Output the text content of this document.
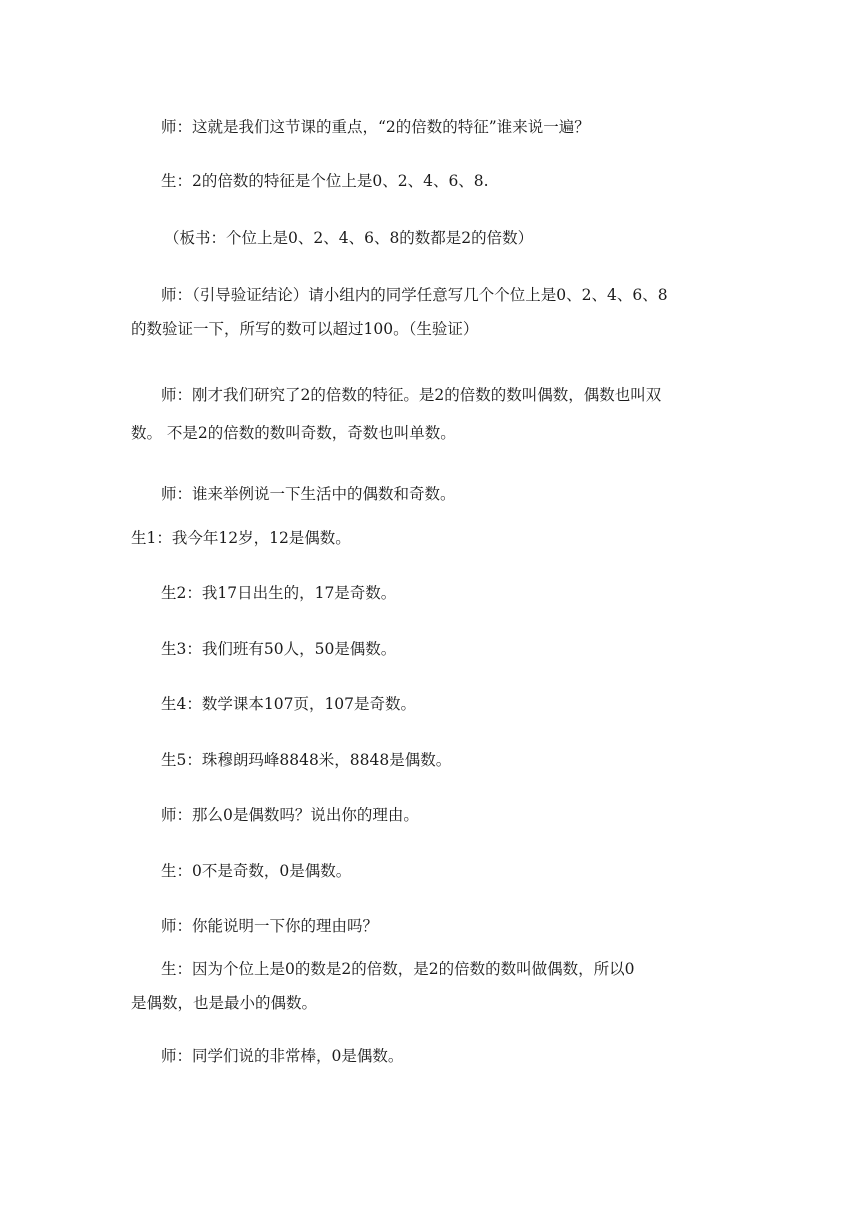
师：这就是我们这节课的重点，“2的倍数的特征”谁来说一遍？

生：2的倍数的特征是个位上是0、2、4、6、8.

（板书：个位上是0、2、4、6、8的数都是2的倍数）

师：（引导验证结论）请小组内的同学任意写几个个位上是0、2、4、6、8
的数验证一下，所写的数可以超过100。（生验证）

师：刚才我们研究了2的倍数的特征。是2的倍数的数叫偶数，偶数也叫双
数。 不是2的倍数的数叫奇数，奇数也叫单数。

师：谁来举例说一下生活中的偶数和奇数。

生1：我今年12岁，12是偶数。

生2：我17日出生的，17是奇数。

生3：我们班有50人，50是偶数。

生4：数学课本107页，107是奇数。

生5：珠穆朗玛峰8848米，8848是偶数。

师：那么0是偶数吗？说出你的理由。

生：0不是奇数，0是偶数。

师：你能说明一下你的理由吗？

生：因为个位上是0的数是2的倍数，是2的倍数的数叫做偶数，所以0
是偶数，也是最小的偶数。

师：同学们说的非常棒，0是偶数。
